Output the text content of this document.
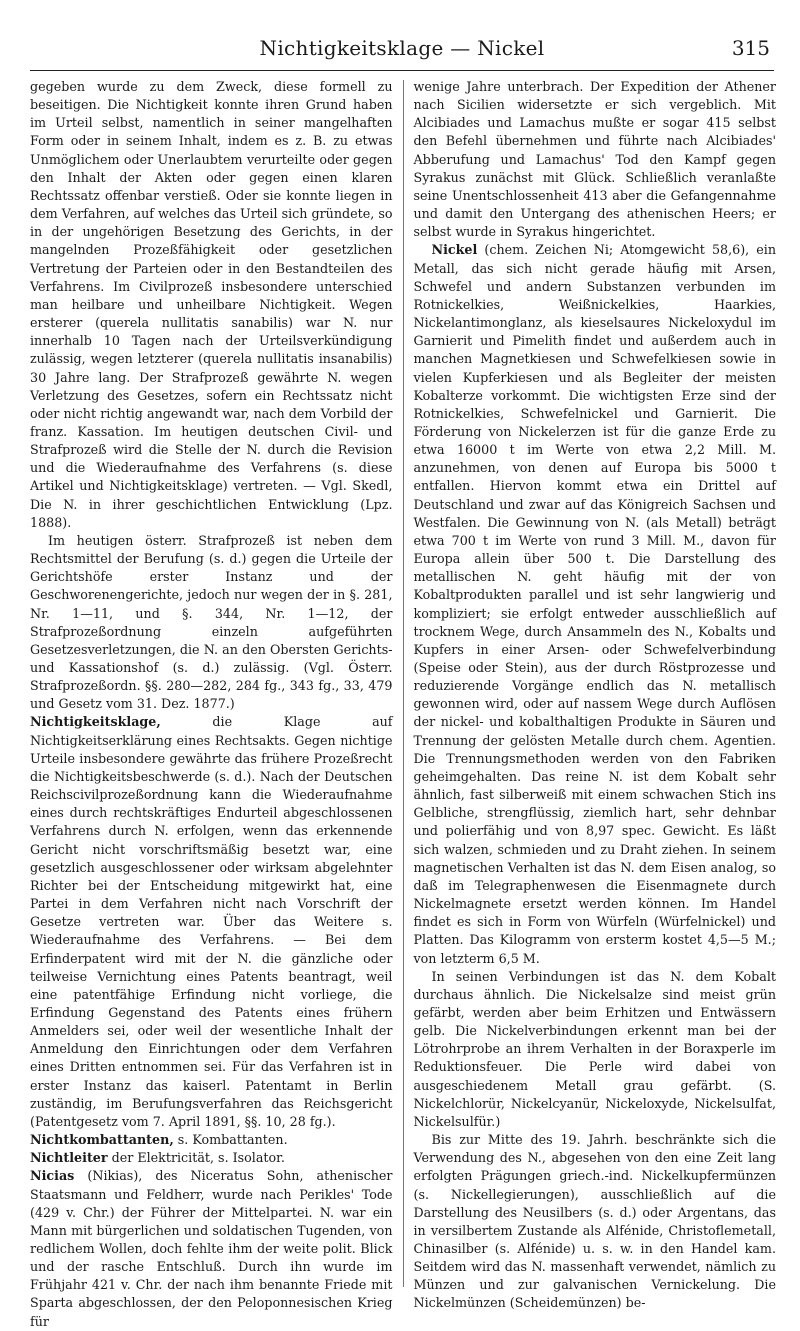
Nichtigkeitsklage — Nickel	315

gegeben wurde zu dem Zweck, diese formell zu beseitigen. Die Nichtigkeit konnte ihren Grund haben im Urteil selbst, namentlich in seiner mangelhaften Form oder in seinem Inhalt, indem es z. B. zu etwas Unmöglichem oder Unerlaubtem verurteilte oder gegen den Inhalt der Akten oder gegen einen klaren Rechtssatz offenbar verstieß. Oder sie konnte liegen in dem Verfahren, auf welches das Urteil sich gründete, so in der ungehörigen Besetzung des Gerichts, in der mangelnden Prozeßfähigkeit oder gesetzlichen Vertretung der Parteien oder in den Bestandteilen des Verfahrens. Im Civilprozeß insbesondere unterschied man heilbare und unheilbare Nichtigkeit. Wegen ersterer (querela nullitatis sanabilis) war N. nur innerhalb 10 Tagen nach der Urteilsverkündigung zulässig, wegen letzterer (querela nullitatis insanabilis) 30 Jahre lang. Der Strafprozeß gewährte N. wegen Verletzung des Gesetzes, sofern ein Rechtssatz nicht oder nicht richtig angewandt war, nach dem Vorbild der franz. Kassation. Im heutigen deutschen Civil- und Strafprozeß wird die Stelle der N. durch die Revision und die Wiederaufnahme des Verfahrens (s. diese Artikel und Nichtigkeitsklage) vertreten. — Vgl. Skedl, Die N. in ihrer geschichtlichen Entwicklung (Lpz. 1888).

Im heutigen österr. Strafprozeß ist neben dem Rechtsmittel der Berufung (s. d.) gegen die Urteile der Gerichtshöfe erster Instanz und der Geschworenengerichte, jedoch nur wegen der in §. 281, Nr. 1—11, und §. 344, Nr. 1—12, der Strafprozeßordnung einzeln aufgeführten Gesetzesverletzungen, die N. an den Obersten Gerichts- und Kassationshof (s. d.) zulässig. (Vgl. Österr. Strafprozeßordn. §§. 280—282, 284 fg., 343 fg., 33, 479 und Gesetz vom 31. Dez. 1877.)

Nichtigkeitsklage, die Klage auf Nichtigkeitserklärung eines Rechtsakts. Gegen nichtige Urteile insbesondere gewährte das frühere Prozeßrecht die Nichtigkeitsbeschwerde (s. d.). Nach der Deutschen Reichscivilprozeßordnung kann die Wiederaufnahme eines durch rechtskräftiges Endurteil abgeschlossenen Verfahrens durch N. erfolgen, wenn das erkennende Gericht nicht vorschriftsmäßig besetzt war, eine gesetzlich ausgeschlossener oder wirksam abgelehnter Richter bei der Entscheidung mitgewirkt hat, eine Partei in dem Verfahren nicht nach Vorschrift der Gesetze vertreten war. Über das Weitere s. Wiederaufnahme des Verfahrens. — Bei dem Erfinderpatent wird mit der N. die gänzliche oder teilweise Vernichtung eines Patents beantragt, weil eine patentfähige Erfindung nicht vorliege, die Erfindung Gegenstand des Patents eines frühern Anmelders sei, oder weil der wesentliche Inhalt der Anmeldung den Einrichtungen oder dem Verfahren eines Dritten entnommen sei. Für das Verfahren ist in erster Instanz das kaiserl. Patentamt in Berlin zuständig, im Berufungsverfahren das Reichsgericht (Patentgesetz vom 7. April 1891, §§. 10, 28 fg.).

Nichtkombattanten, s. Kombattanten.

Nichtleiter der Elektricität, s. Isolator.

Nicias (Nikias), des Niceratus Sohn, athenischer Staatsmann und Feldherr, wurde nach Perikles' Tode (429 v. Chr.) der Führer der Mittelpartei. N. war ein Mann mit bürgerlichen und soldatischen Tugenden, von redlichem Wollen, doch fehlte ihm der weite polit. Blick und der rasche Entschluß. Durch ihn wurde im Frühjahr 421 v. Chr. der nach ihm benannte Friede mit Sparta abgeschlossen, der den Peloponnesischen Krieg für

wenige Jahre unterbrach. Der Expedition der Athener nach Sicilien widersetzte er sich vergeblich. Mit Alcibiades und Lamachus mußte er sogar 415 selbst den Befehl übernehmen und führte nach Alcibiades' Abberufung und Lamachus' Tod den Kampf gegen Syrakus zunächst mit Glück. Schließlich veranlaßte seine Unentschlossenheit 413 aber die Gefangennahme und damit den Untergang des athenischen Heers; er selbst wurde in Syrakus hingerichtet.

Nickel (chem. Zeichen Ni; Atomgewicht 58,6), ein Metall, das sich nicht gerade häufig mit Arsen, Schwefel und andern Substanzen verbunden im Rotnickelkies, Weißnickelkies, Haarkies, Nickelantimonglanz, als kieselsaures Nickeloxydul im Garnierit und Pimelith findet und außerdem auch in manchen Magnetkiesen und Schwefelkiesen sowie in vielen Kupferkiesen und als Begleiter der meisten Kobalterze vorkommt. Die wichtigsten Erze sind der Rotnickelkies, Schwefelnickel und Garnierit. Die Förderung von Nickelerzen ist für die ganze Erde zu etwa 16000 t im Werte von etwa 2,2 Mill. M. anzunehmen, von denen auf Europa bis 5000 t entfallen. Hiervon kommt etwa ein Drittel auf Deutschland und zwar auf das Königreich Sachsen und Westfalen. Die Gewinnung von N. (als Metall) beträgt etwa 700 t im Werte von rund 3 Mill. M., davon für Europa allein über 500 t. Die Darstellung des metallischen N. geht häufig mit der von Kobaltprodukten parallel und ist sehr langwierig und kompliziert; sie erfolgt entweder ausschließlich auf trocknem Wege, durch Ansammeln des N., Kobalts und Kupfers in einer Arsen- oder Schwefelverbindung (Speise oder Stein), aus der durch Röstprozesse und reduzierende Vorgänge endlich das N. metallisch gewonnen wird, oder auf nassem Wege durch Auflösen der nickel- und kobalthaltigen Produkte in Säuren und Trennung der gelösten Metalle durch chem. Agentien. Die Trennungsmethoden werden von den Fabriken geheimgehalten. Das reine N. ist dem Kobalt sehr ähnlich, fast silberweiß mit einem schwachen Stich ins Gelbliche, strengflüssig, ziemlich hart, sehr dehnbar und polierfähig und von 8,97 spec. Gewicht. Es läßt sich walzen, schmieden und zu Draht ziehen. In seinem magnetischen Verhalten ist das N. dem Eisen analog, so daß im Telegraphenwesen die Eisenmagnete durch Nickelmagnete ersetzt werden können. Im Handel findet es sich in Form von Würfeln (Würfelnickel) und Platten. Das Kilogramm von ersterm kostet 4,5—5 M.; von letzterm 6,5 M.

In seinen Verbindungen ist das N. dem Kobalt durchaus ähnlich. Die Nickelsalze sind meist grün gefärbt, werden aber beim Erhitzen und Entwässern gelb. Die Nickelverbindungen erkennt man bei der Lötrohrprobe an ihrem Verhalten in der Boraxperle im Reduktionsfeuer. Die Perle wird dabei von ausgeschiedenem Metall grau gefärbt. (S. Nickelchlorür, Nickelcyanür, Nickeloxyde, Nickelsulfat, Nickelsulfür.)

Bis zur Mitte des 19. Jahrh. beschränkte sich die Verwendung des N., abgesehen von den eine Zeit lang erfolgten Prägungen griech.-ind. Nickelkupfermünzen (s. Nickellegierungen), ausschließlich auf die Darstellung des Neusilbers (s. d.) oder Argentans, das in versilbertem Zustande als Alfénide, Christoflemetall, Chinasilber (s. Alfénide) u. s. w. in den Handel kam. Seitdem wird das N. massenhaft verwendet, nämlich zu Münzen und zur galvanischen Vernickelung. Die Nickelmünzen (Scheidemünzen) be-
